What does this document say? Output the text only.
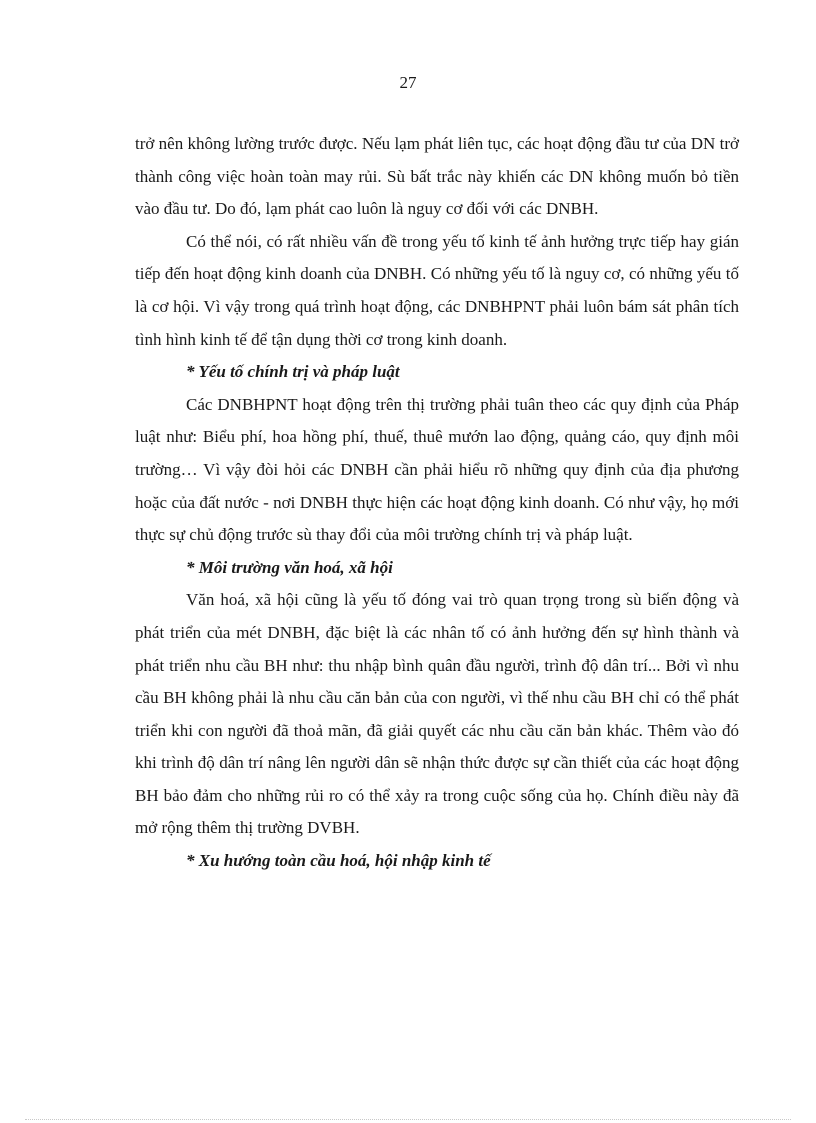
27

trở nên không lường trước được. Nếu lạm phát liên tục, các hoạt động đầu tư của DN trở thành công việc hoàn toàn may rủi. Sù bất trắc này khiến các DN không muốn bỏ tiền vào đầu tư. Do đó, lạm phát cao luôn là nguy cơ đối với các DNBH.

Có thể nói, có rất nhiều vấn đề trong yếu tố kinh tế ảnh hưởng trực tiếp hay gián tiếp đến hoạt động kinh doanh của DNBH. Có những yếu tố là nguy cơ, có những yếu tố là cơ hội. Vì vậy trong quá trình hoạt động, các DNBHPNT phải luôn bám sát phân tích tình hình kinh tế để tận dụng thời cơ trong kinh doanh.

* Yếu tố chính trị và pháp luật

Các DNBHPNT hoạt động trên thị trường phải tuân theo các quy định của Pháp luật như: Biểu phí, hoa hồng phí, thuế, thuê mướn lao động, quảng cáo, quy định môi trường… Vì vậy đòi hỏi các DNBH cần phải hiểu rõ những quy định của địa phương hoặc của đất nước - nơi DNBH thực hiện các hoạt động kinh doanh. Có như vậy, họ mới thực sự chủ động trước sù thay đổi của môi trường chính trị và pháp luật.

* Môi trường văn hoá, xã hội

Văn hoá, xã hội cũng là yếu tố đóng vai trò quan trọng trong sù biến động và phát triển của mét DNBH, đặc biệt là các nhân tố có ảnh hưởng đến sự hình thành và phát triển nhu cầu BH như: thu nhập bình quân đầu người, trình độ dân trí... Bởi vì nhu cầu BH không phải là nhu cầu căn bản của con người, vì thế nhu cầu BH chỉ có thể phát triển khi con người đã thoả mãn, đã giải quyết các nhu cầu căn bản khác. Thêm vào đó khi trình độ dân trí nâng lên người dân sẽ nhận thức được sự cần thiết của các hoạt động BH bảo đảm cho những rủi ro có thể xảy ra trong cuộc sống của họ. Chính điều này đã mở rộng thêm thị trường DVBH.

* Xu hướng toàn cầu hoá, hội nhập kinh tế
